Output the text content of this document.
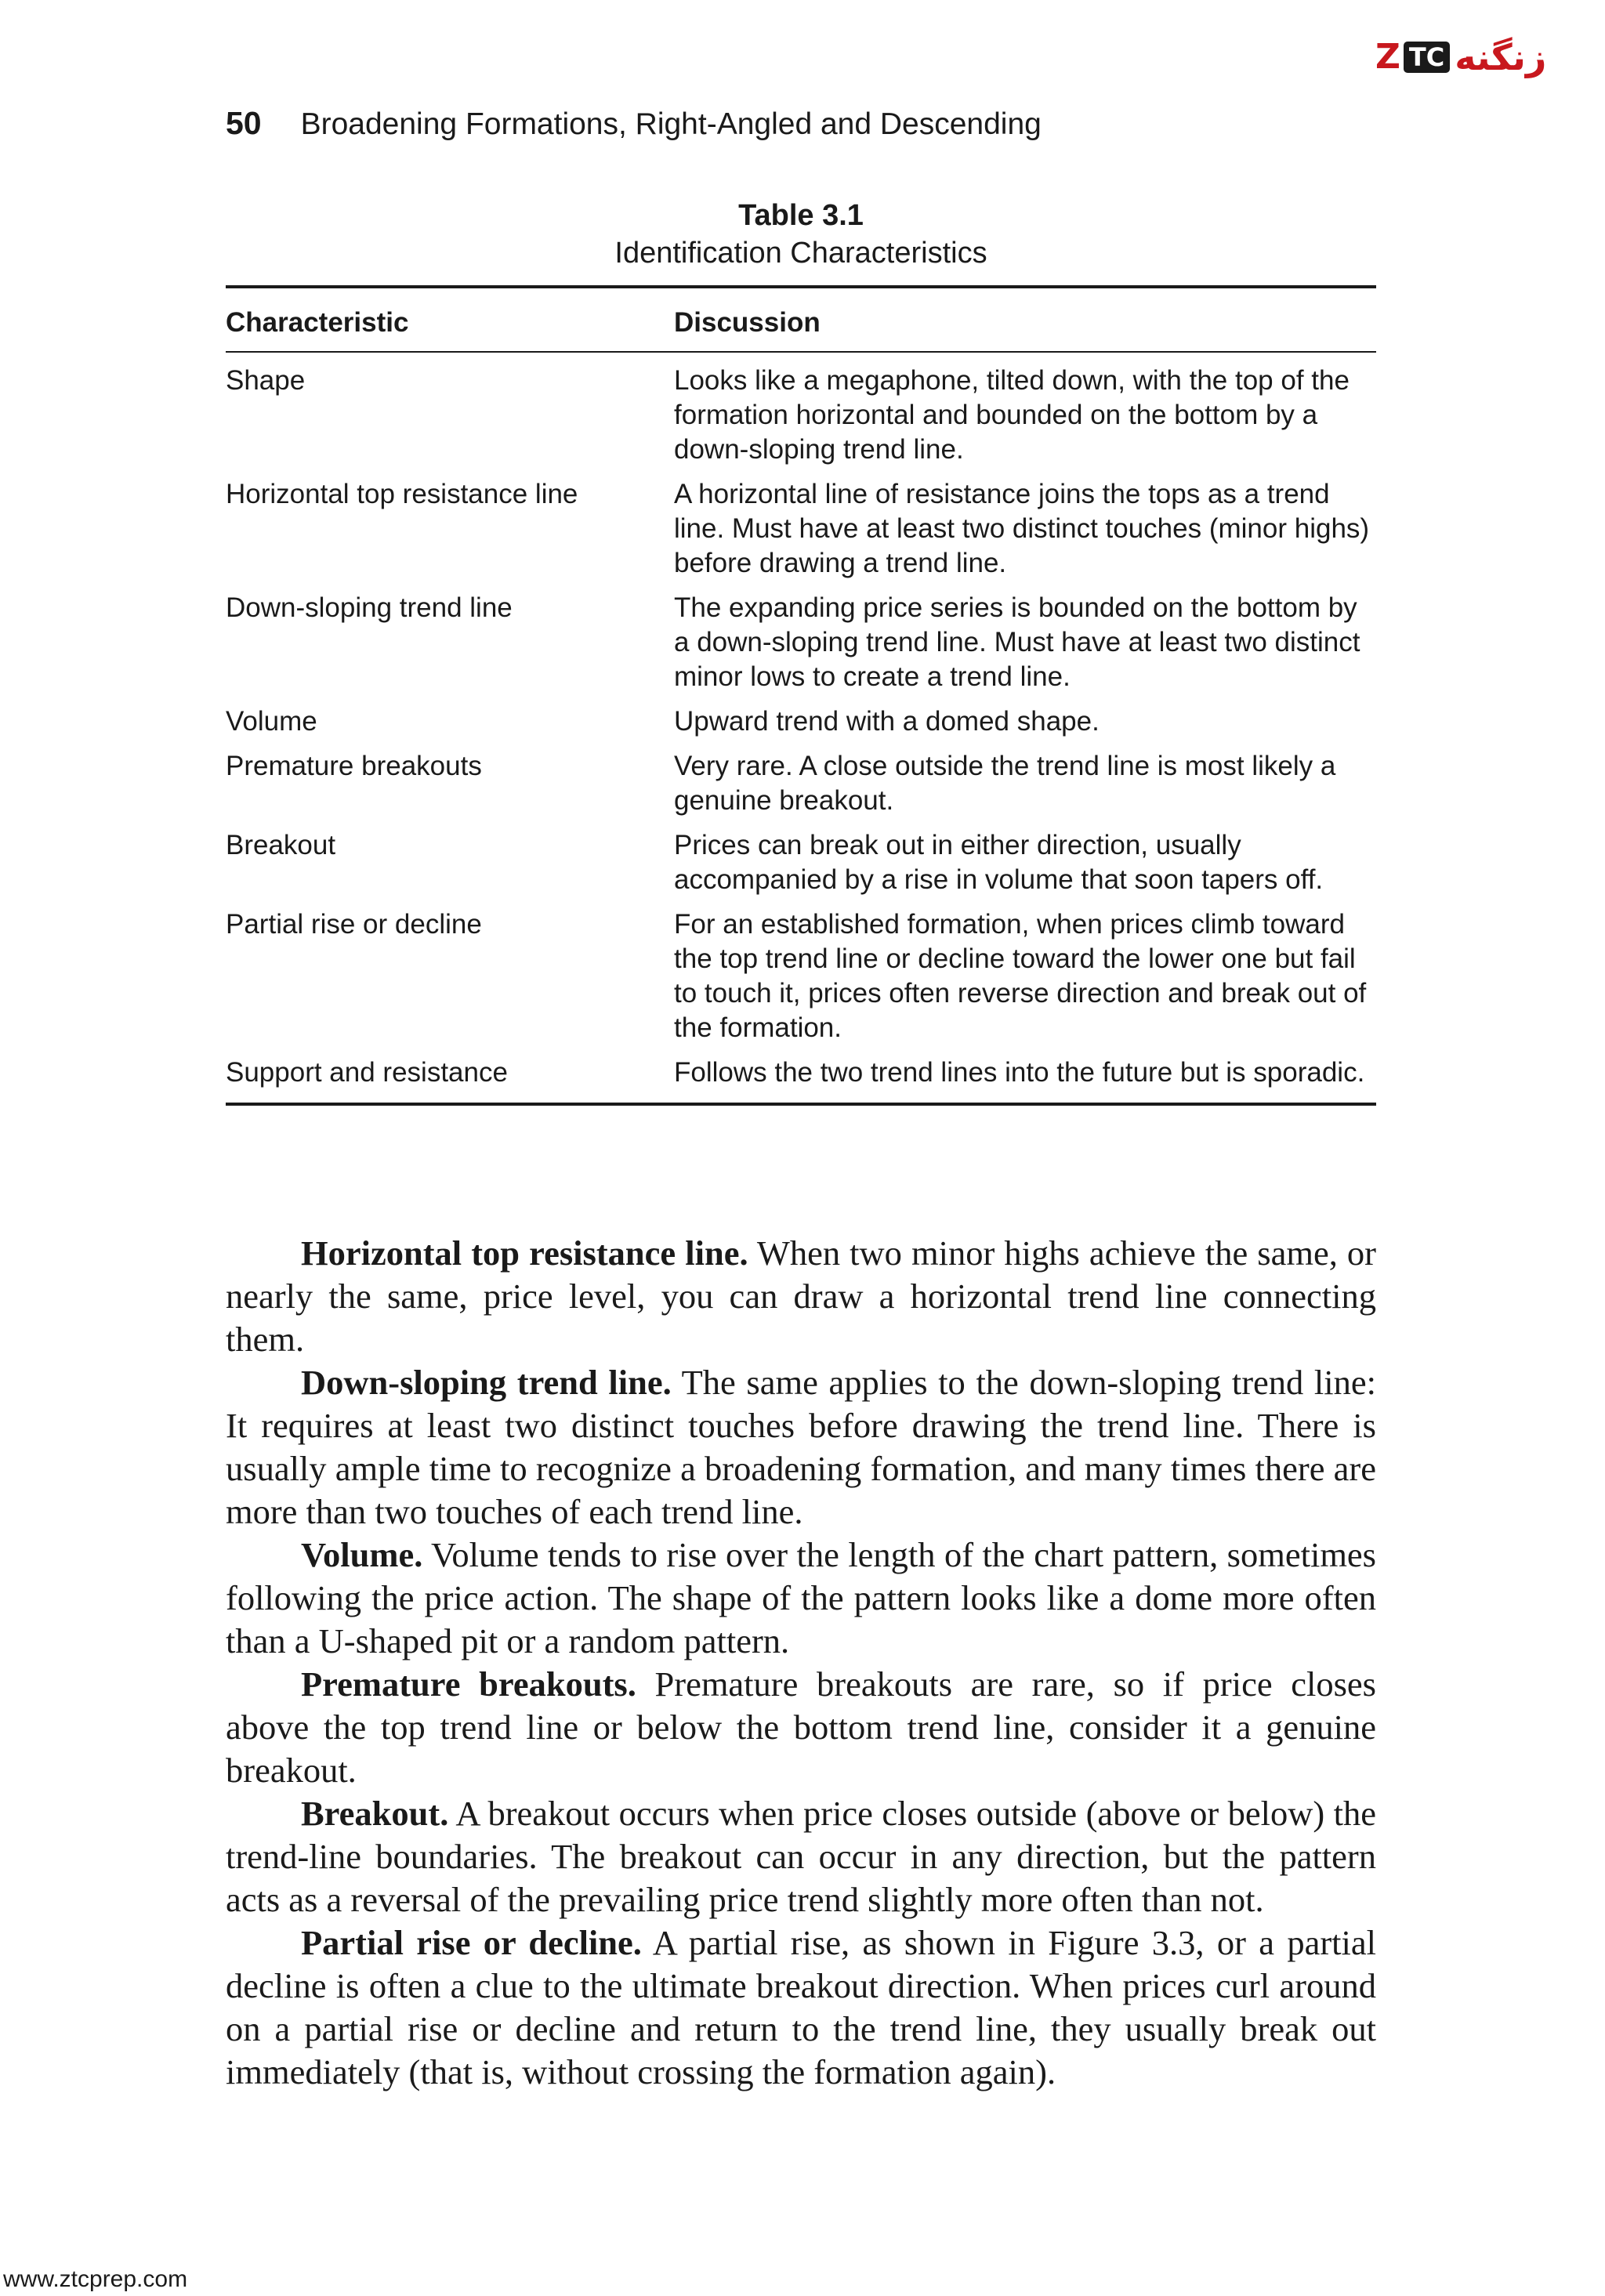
Z TC زنگنه
50 Broadening Formations, Right-Angled and Descending
Table 3.1
Identification Characteristics
Characteristic	Discussion
Shape	Looks like a megaphone, tilted down, with the top of the formation horizontal and bounded on the bottom by a down-sloping trend line.
Horizontal top resistance line	A horizontal line of resistance joins the tops as a trend line. Must have at least two distinct touches (minor highs) before drawing a trend line.
Down-sloping trend line	The expanding price series is bounded on the bottom by a down-sloping trend line. Must have at least two distinct minor lows to create a trend line.
Volume	Upward trend with a domed shape.
Premature breakouts	Very rare. A close outside the trend line is most likely a genuine breakout.
Breakout	Prices can break out in either direction, usually accompanied by a rise in volume that soon tapers off.
Partial rise or decline	For an established formation, when prices climb toward the top trend line or decline toward the lower one but fail to touch it, prices often reverse direction and break out of the formation.
Support and resistance	Follows the two trend lines into the future but is sporadic.

Horizontal top resistance line. When two minor highs achieve the same, or nearly the same, price level, you can draw a horizontal trend line connecting them.

Down-sloping trend line. The same applies to the down-sloping trend line: It requires at least two distinct touches before drawing the trend line. There is usually ample time to recognize a broadening formation, and many times there are more than two touches of each trend line.

Volume. Volume tends to rise over the length of the chart pattern, sometimes following the price action. The shape of the pattern looks like a dome more often than a U-shaped pit or a random pattern.

Premature breakouts. Premature breakouts are rare, so if price closes above the top trend line or below the bottom trend line, consider it a genuine breakout.

Breakout. A breakout occurs when price closes outside (above or below) the trend-line boundaries. The breakout can occur in any direction, but the pattern acts as a reversal of the prevailing price trend slightly more often than not.

Partial rise or decline. A partial rise, as shown in Figure 3.3, or a partial decline is often a clue to the ultimate breakout direction. When prices curl around on a partial rise or decline and return to the trend line, they usually break out immediately (that is, without crossing the formation again).

www.ztcprep.com
